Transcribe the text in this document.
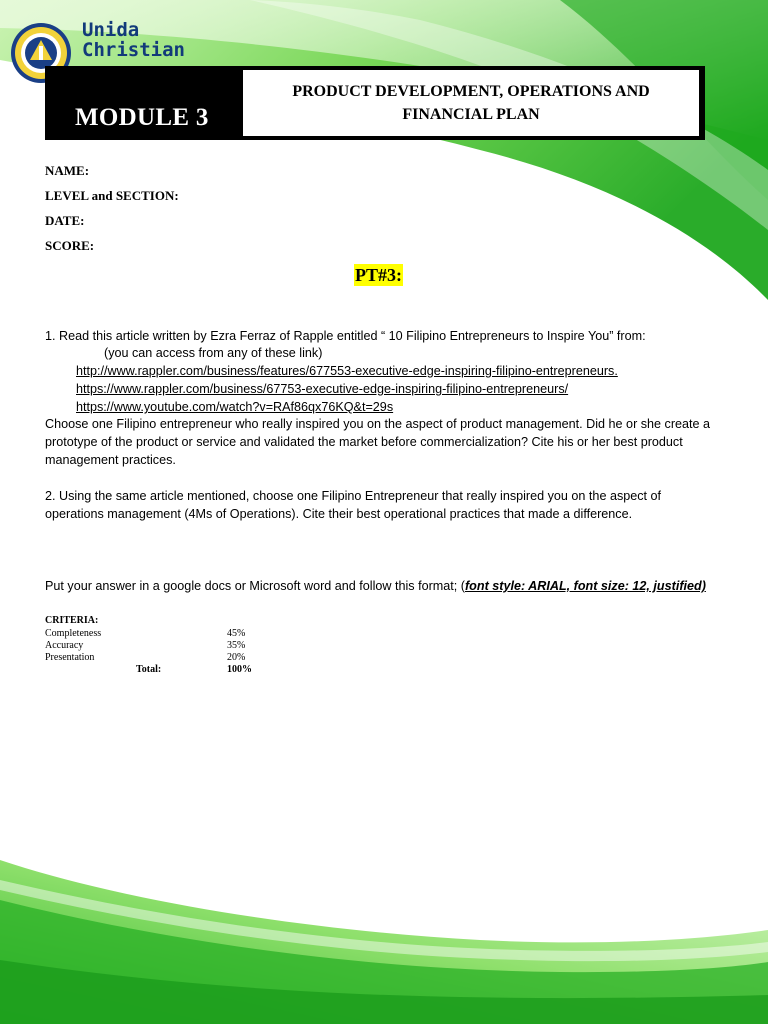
Unida
Christian
MODULE 3
PRODUCT DEVELOPMENT, OPERATIONS AND FINANCIAL PLAN
NAME:
LEVEL and SECTION:
DATE:
SCORE:
PT#3:
1. Read this article written by Ezra Ferraz of Rapple entitled “ 10 Filipino Entrepreneurs to Inspire You” from:
(you can access from any of these link)
http://www.rappler.com/business/features/677553-executive-edge-inspiring-filipino-entrepreneurs.
https://www.rappler.com/business/67753-executive-edge-inspiring-filipino-entrepreneurs/
https://www.youtube.com/watch?v=RAf86qx76KQ&t=29s
Choose one Filipino entrepreneur who really inspired you on the aspect of product management. Did he or she create a prototype of the product or service and validated the market before commercialization? Cite his or her best product management practices.
2. Using the same article mentioned, choose one Filipino Entrepreneur that really inspired you on the aspect of operations management (4Ms of Operations). Cite their best operational practices that made a difference.
Put your answer in a google docs or Microsoft word and follow this format; (font style: ARIAL, font size: 12, justified)
CRITERIA:
Completeness	45%
Accuracy	35%
Presentation	20%
Total:	100%
